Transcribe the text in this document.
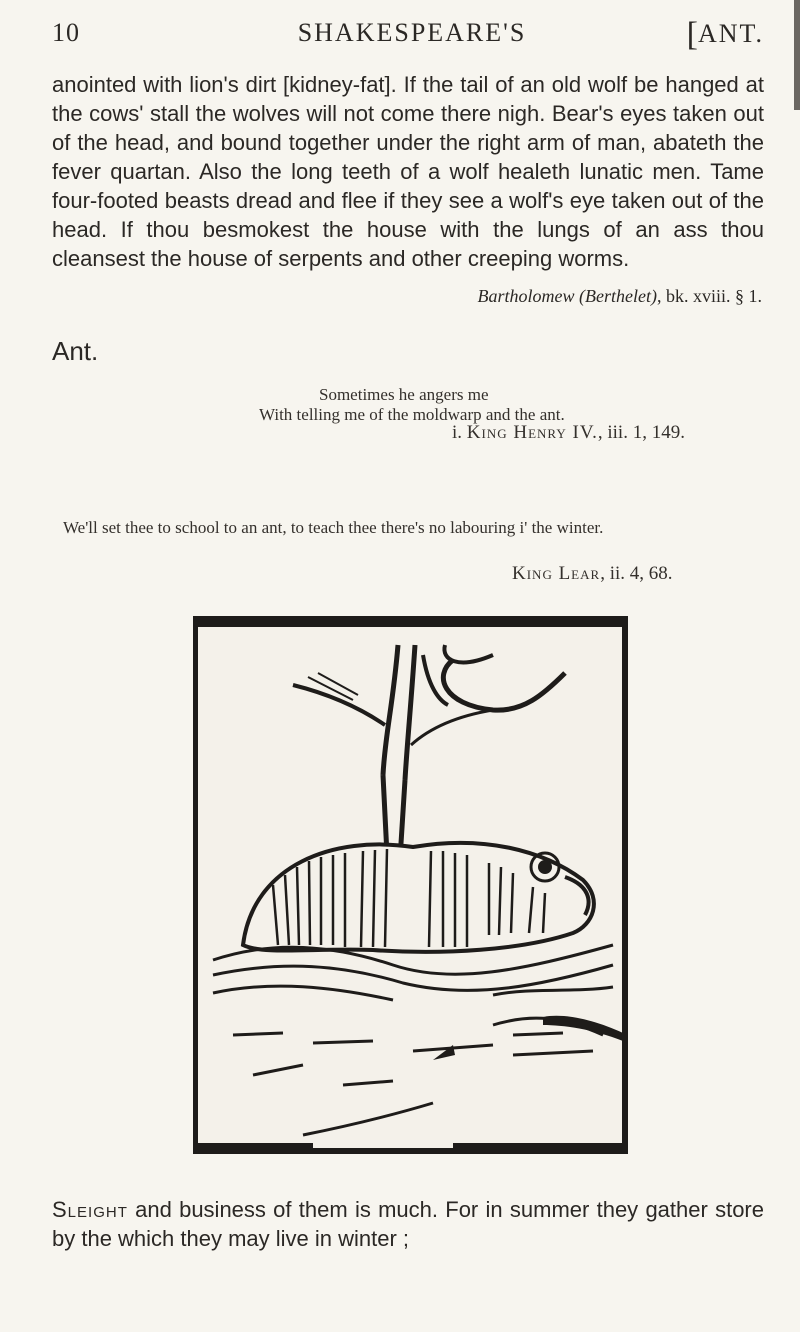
10	SHAKESPEARE'S	[ANT.
anointed with lion's dirt [kidney-fat]. If the tail of an old wolf be hanged at the cows' stall the wolves will not come there nigh. Bear's eyes taken out of the head, and bound together under the right arm of man, abateth the fever quartan. Also the long teeth of a wolf healeth lunatic men. Tame four-footed beasts dread and flee if they see a wolf's eye taken out of the head. If thou besmokest the house with the lungs of an ass thou cleansest the house of serpents and other creeping worms.
Bartholomew (Berthelet), bk. xviii. § 1.
Ant.
Sometimes he angers me
With telling me of the moldwarp and the ant.
i. King Henry IV., iii. 1, 149.
We'll set thee to school to an ant, to teach thee there's no labouring i' the winter.
King Lear, ii. 4, 68.
Sleight and business of them is much. For in summer they gather store by the which they may live in winter ;
